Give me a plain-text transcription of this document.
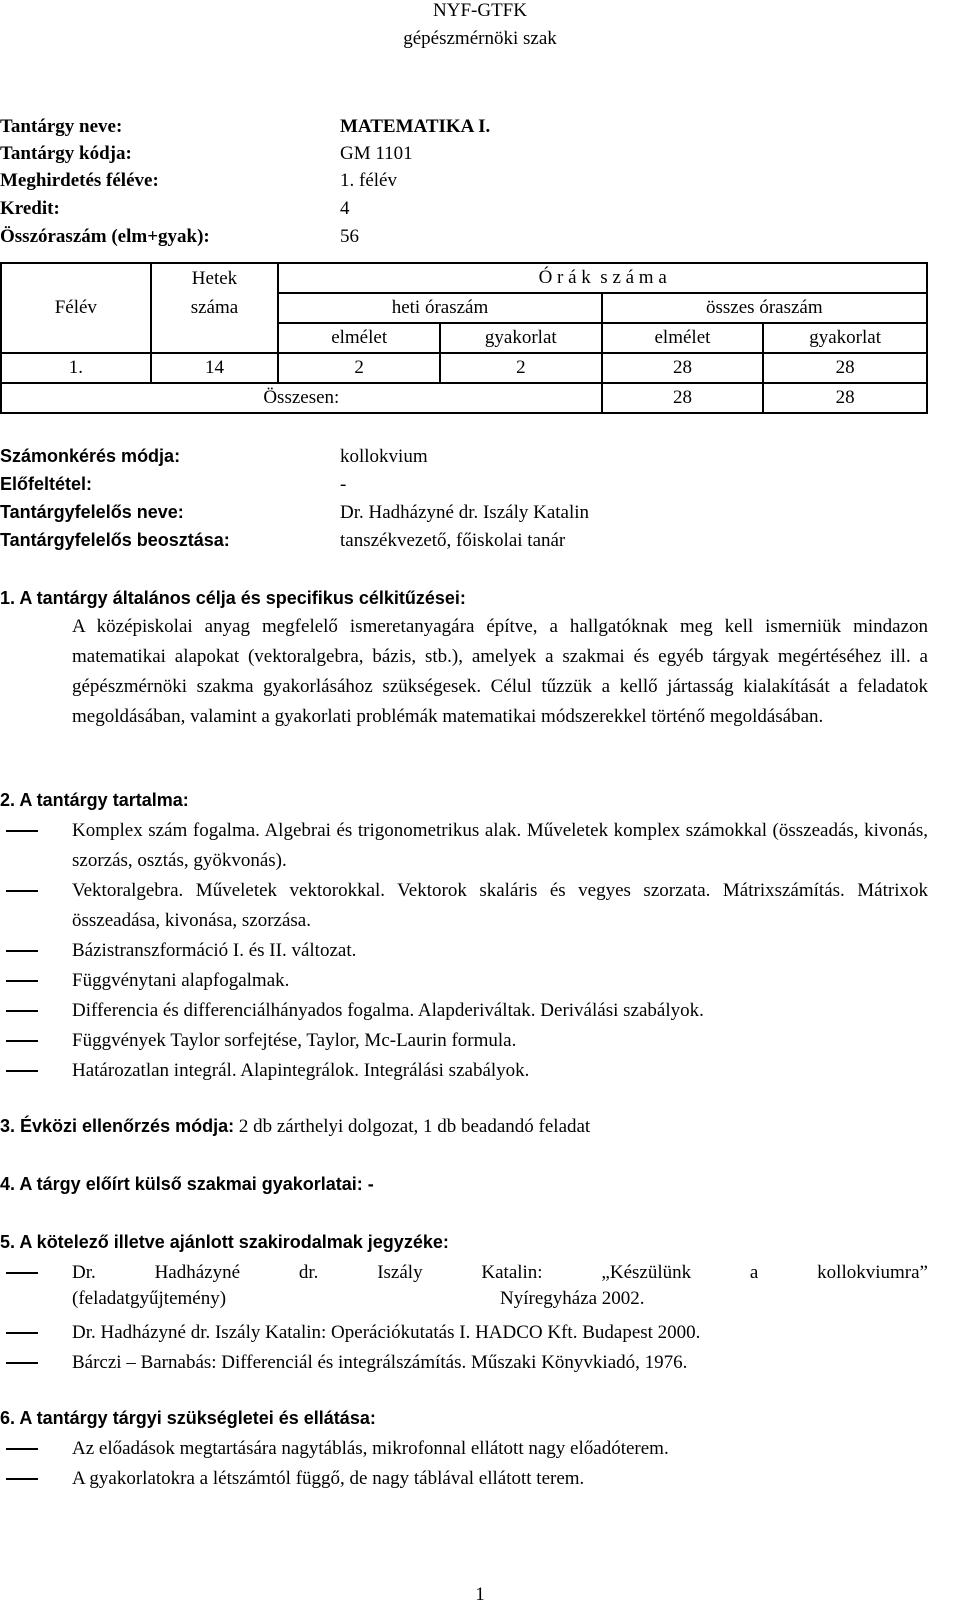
NYF-GTFK
gépészmérnöki szak
Tantárgy neve:	MATEMATIKA I.
Tantárgy kódja:	GM 1101
Meghirdetés féléve:	1. félév
Kredit:	4
Összóraszám (elm+gyak):	56
	Hetek	Ó r á k  s z á m a			
Félév	száma	heti óraszám		összes óraszám	
		elmélet	gyakorlat	elmélet	gyakorlat
1.	14	2	2	28	28
Összesen:				28	28
Számonkérés módja:	kollokvium
Előfeltétel:	-
Tantárgyfelelős neve:	Dr. Hadházyné dr. Iszály Katalin
Tantárgyfelelős beosztása:	tanszékvezető, főiskolai tanár
1. A tantárgy általános célja és specifikus célkitűzései:
A középiskolai anyag megfelelő ismeretanyagára építve, a hallgatóknak meg kell ismerniük mindazon matematikai alapokat (vektoralgebra, bázis, stb.), amelyek a szakmai és egyéb tárgyak megértéséhez ill. a gépészmérnöki szakma gyakorlásához szükségesek. Célul tűzzük a kellő jártasság kialakítását a feladatok megoldásában, valamint a gyakorlati problémák matematikai módszerekkel történő megoldásában.
2. A tantárgy tartalma:
Komplex szám fogalma. Algebrai és trigonometrikus alak. Műveletek komplex számokkal (összeadás, kivonás, szorzás, osztás, gyökvonás).
Vektoralgebra. Műveletek vektorokkal. Vektorok skaláris és vegyes szorzata. Mátrixszámítás. Mátrixok összeadása, kivonása, szorzása.
Bázistranszformáció I. és II. változat.
Függvénytani alapfogalmak.
Differencia és differenciálhányados fogalma. Alapderiváltak. Deriválási szabályok.
Függvények Taylor sorfejtése, Taylor, Mc-Laurin formula.
Határozatlan integrál. Alapintegrálok. Integrálási szabályok.
3. Évközi ellenőrzés módja: 2 db zárthelyi dolgozat, 1 db beadandó feladat
4. A tárgy előírt külső szakmai gyakorlatai: -
5. A kötelező illetve ajánlott szakirodalmak jegyzéke:
Dr. Hadházyné dr. Iszály Katalin: „Készülünk a kollokviumra”
(feladatgyűjtemény)	Nyíregyháza 2002.
Dr. Hadházyné dr. Iszály Katalin: Operációkutatás I. HADCO Kft. Budapest 2000.
Bárczi – Barnabás: Differenciál és integrálszámítás. Műszaki Könyvkiadó, 1976.
6. A tantárgy tárgyi szükségletei és ellátása:
Az előadások megtartására nagytáblás, mikrofonnal ellátott nagy előadóterem.
A gyakorlatokra a létszámtól függő, de nagy táblával ellátott terem.
1
